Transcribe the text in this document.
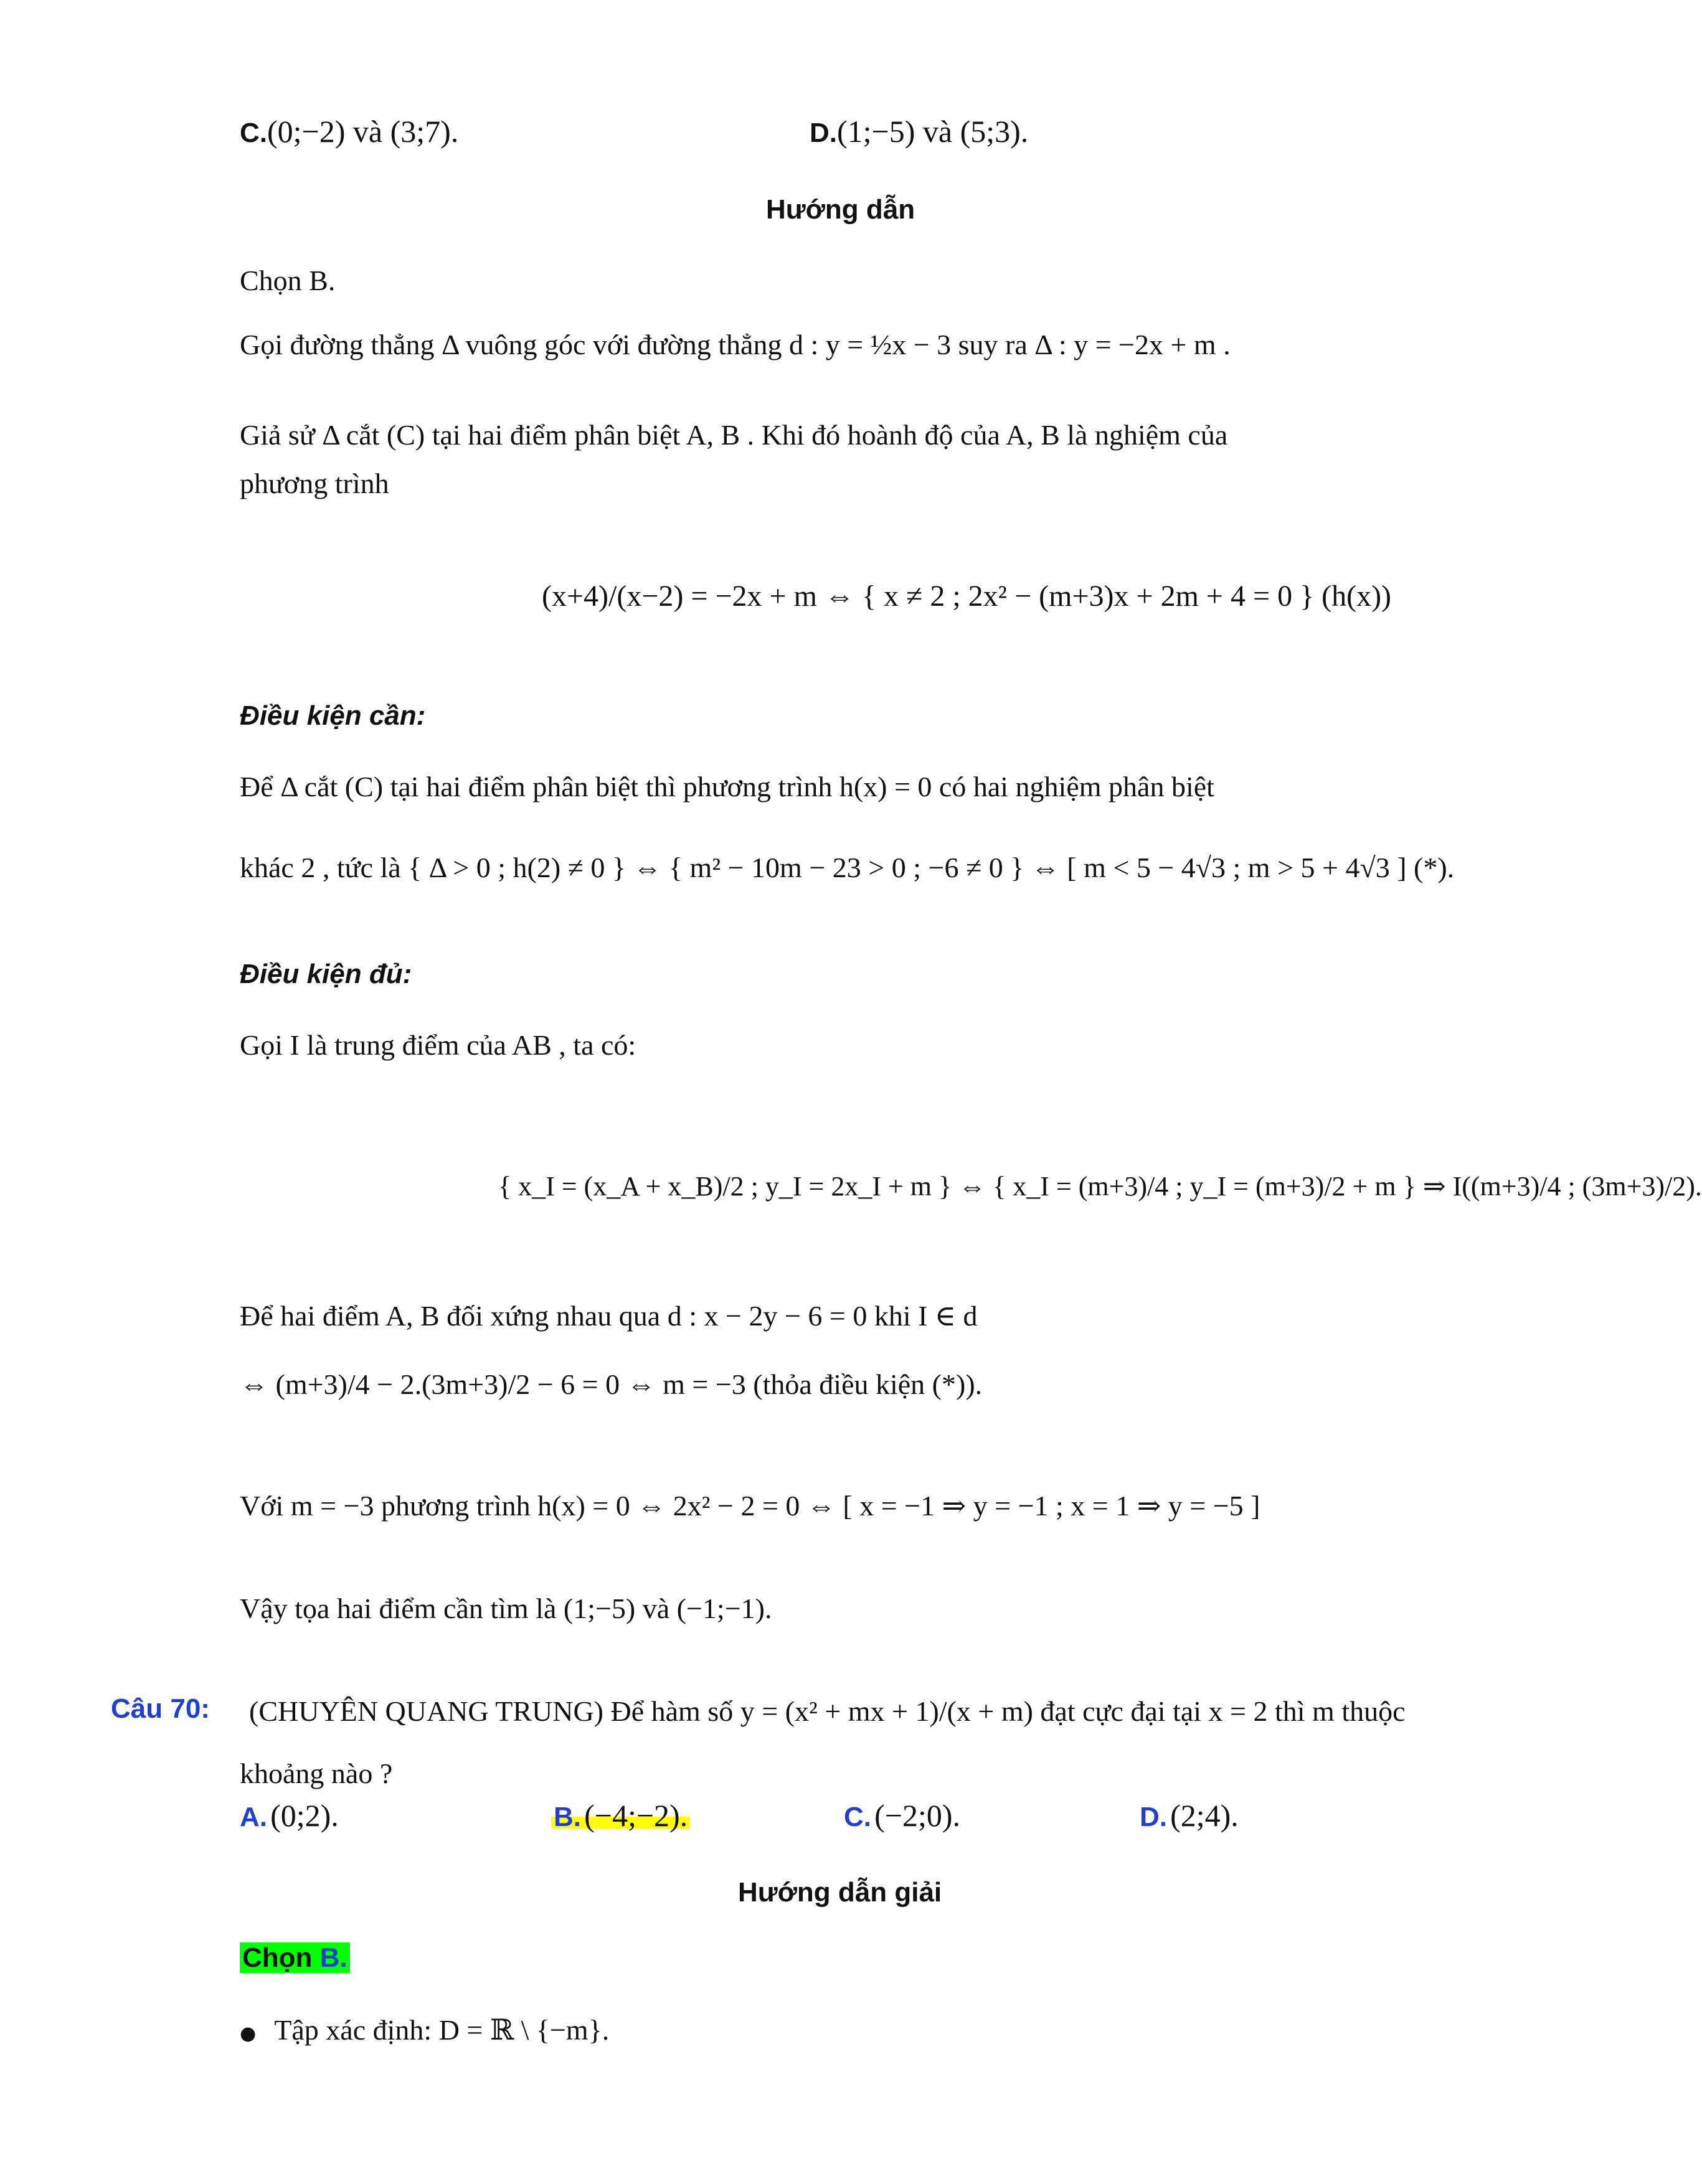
C.(0;−2) và (3;7).	D.(1;−5) và (5;3).
Hướng dẫn
Chọn B.
Gọi đường thẳng Δ vuông góc với đường thẳng d : y = ½x − 3 suy ra Δ : y = −2x + m .
Giả sử Δ cắt (C) tại hai điểm phân biệt A, B . Khi đó hoành độ của A, B là nghiệm của
phương trình
(x+4)/(x−2) = −2x + m ⇔ { x ≠ 2 ; 2x² − (m+3)x + 2m + 4 = 0 } (h(x))
Điều kiện cần:
Để Δ cắt (C) tại hai điểm phân biệt thì phương trình h(x) = 0 có hai nghiệm phân biệt
khác 2 , tức là { Δ > 0 ; h(2) ≠ 0 } ⇔ { m² − 10m − 23 > 0 ; −6 ≠ 0 } ⇔ [ m < 5 − 4√3 ; m > 5 + 4√3 ] (*).
Điều kiện đủ:
Gọi I là trung điểm của AB , ta có:
{ x_I = (x_A + x_B)/2 ; y_I = 2x_I + m } ⇔ { x_I = (m+3)/4 ; y_I = (m+3)/2 + m } ⇒ I((m+3)/4 ; (3m+3)/2).
Để hai điểm A, B đối xứng nhau qua d : x − 2y − 6 = 0 khi I ∈ d
⇔ (m+3)/4 − 2.(3m+3)/2 − 6 = 0 ⇔ m = −3 (thỏa điều kiện (*)).
Với m = −3 phương trình h(x) = 0 ⇔ 2x² − 2 = 0 ⇔ [ x = −1 ⇒ y = −1 ; x = 1 ⇒ y = −5 ]
Vậy tọa hai điểm cần tìm là (1;−5) và (−1;−1).
Câu 70: (CHUYÊN QUANG TRUNG) Để hàm số y = (x² + mx + 1)/(x + m) đạt cực đại tại x = 2 thì m thuộc
khoảng nào ?
A. (0;2).	B. (−4;−2).	C. (−2;0).	D. (2;4).
Hướng dẫn giải
Chọn B.
● Tập xác định: D = ℝ \ {−m}.
